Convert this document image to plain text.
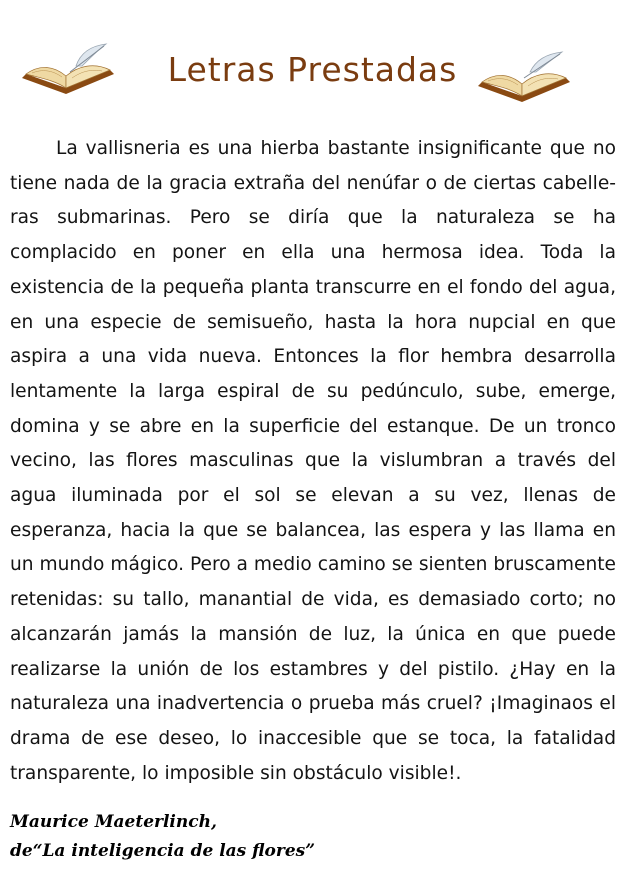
Letras Prestadas

La vallisneria es una hierba bastante insignificante que no tiene nada de la gracia extraña del nenúfar o de ciertas cabelleras submarinas. Pero se diría que la naturaleza se ha complacido en poner en ella una hermosa idea. Toda la existencia de la pequeña planta transcurre en el fondo del agua, en una especie de semisueño, hasta la hora nupcial en que aspira a una vida nueva. Entonces la flor hembra desarrolla lentamente la larga espiral de su pedúnculo, sube, emerge, domina y se abre en la superficie del estanque. De un tronco vecino, las flores masculinas que la vislumbran a través del agua iluminada por el sol se elevan a su vez, llenas de esperanza, hacia la que se balancea, las espera y las llama en un mundo mágico. Pero a medio camino se sienten bruscamente retenidas: su tallo, manantial de vida, es demasiado corto; no alcanzarán jamás la mansión de luz, la única en que puede realizarse la unión de los estambres y del pistilo. ¿Hay en la naturaleza una inadvertencia o prueba más cruel? ¡Imaginaos el drama de ese deseo, lo inaccesible que se toca, la fatalidad transparente, lo imposible sin obstáculo visible!.

Maurice Maeterlinch,
de“La inteligencia de las flores”
